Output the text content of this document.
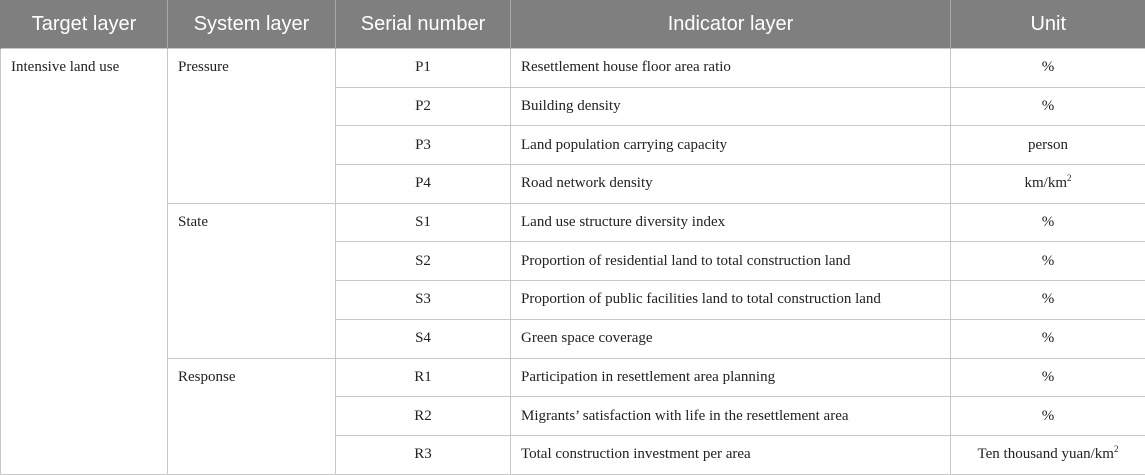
Target layer	System layer	Serial number	Indicator layer	Unit
Intensive land use	Pressure	P1	Resettlement house floor area ratio	%
		P2	Building density	%
		P3	Land population carrying capacity	person
		P4	Road network density	$km/km^2$
	State	S1	Land use structure diversity index	%
		S2	Proportion of residential land to total construction land	%
		S3	Proportion of public facilities land to total construction land	%
		S4	Green space coverage	%
	Response	R1	Participation in resettlement area planning	%
		R2	Migrants’ satisfaction with life in the resettlement area	%
		R3	Total construction investment per area	Ten thousand yuan/$km^2$
